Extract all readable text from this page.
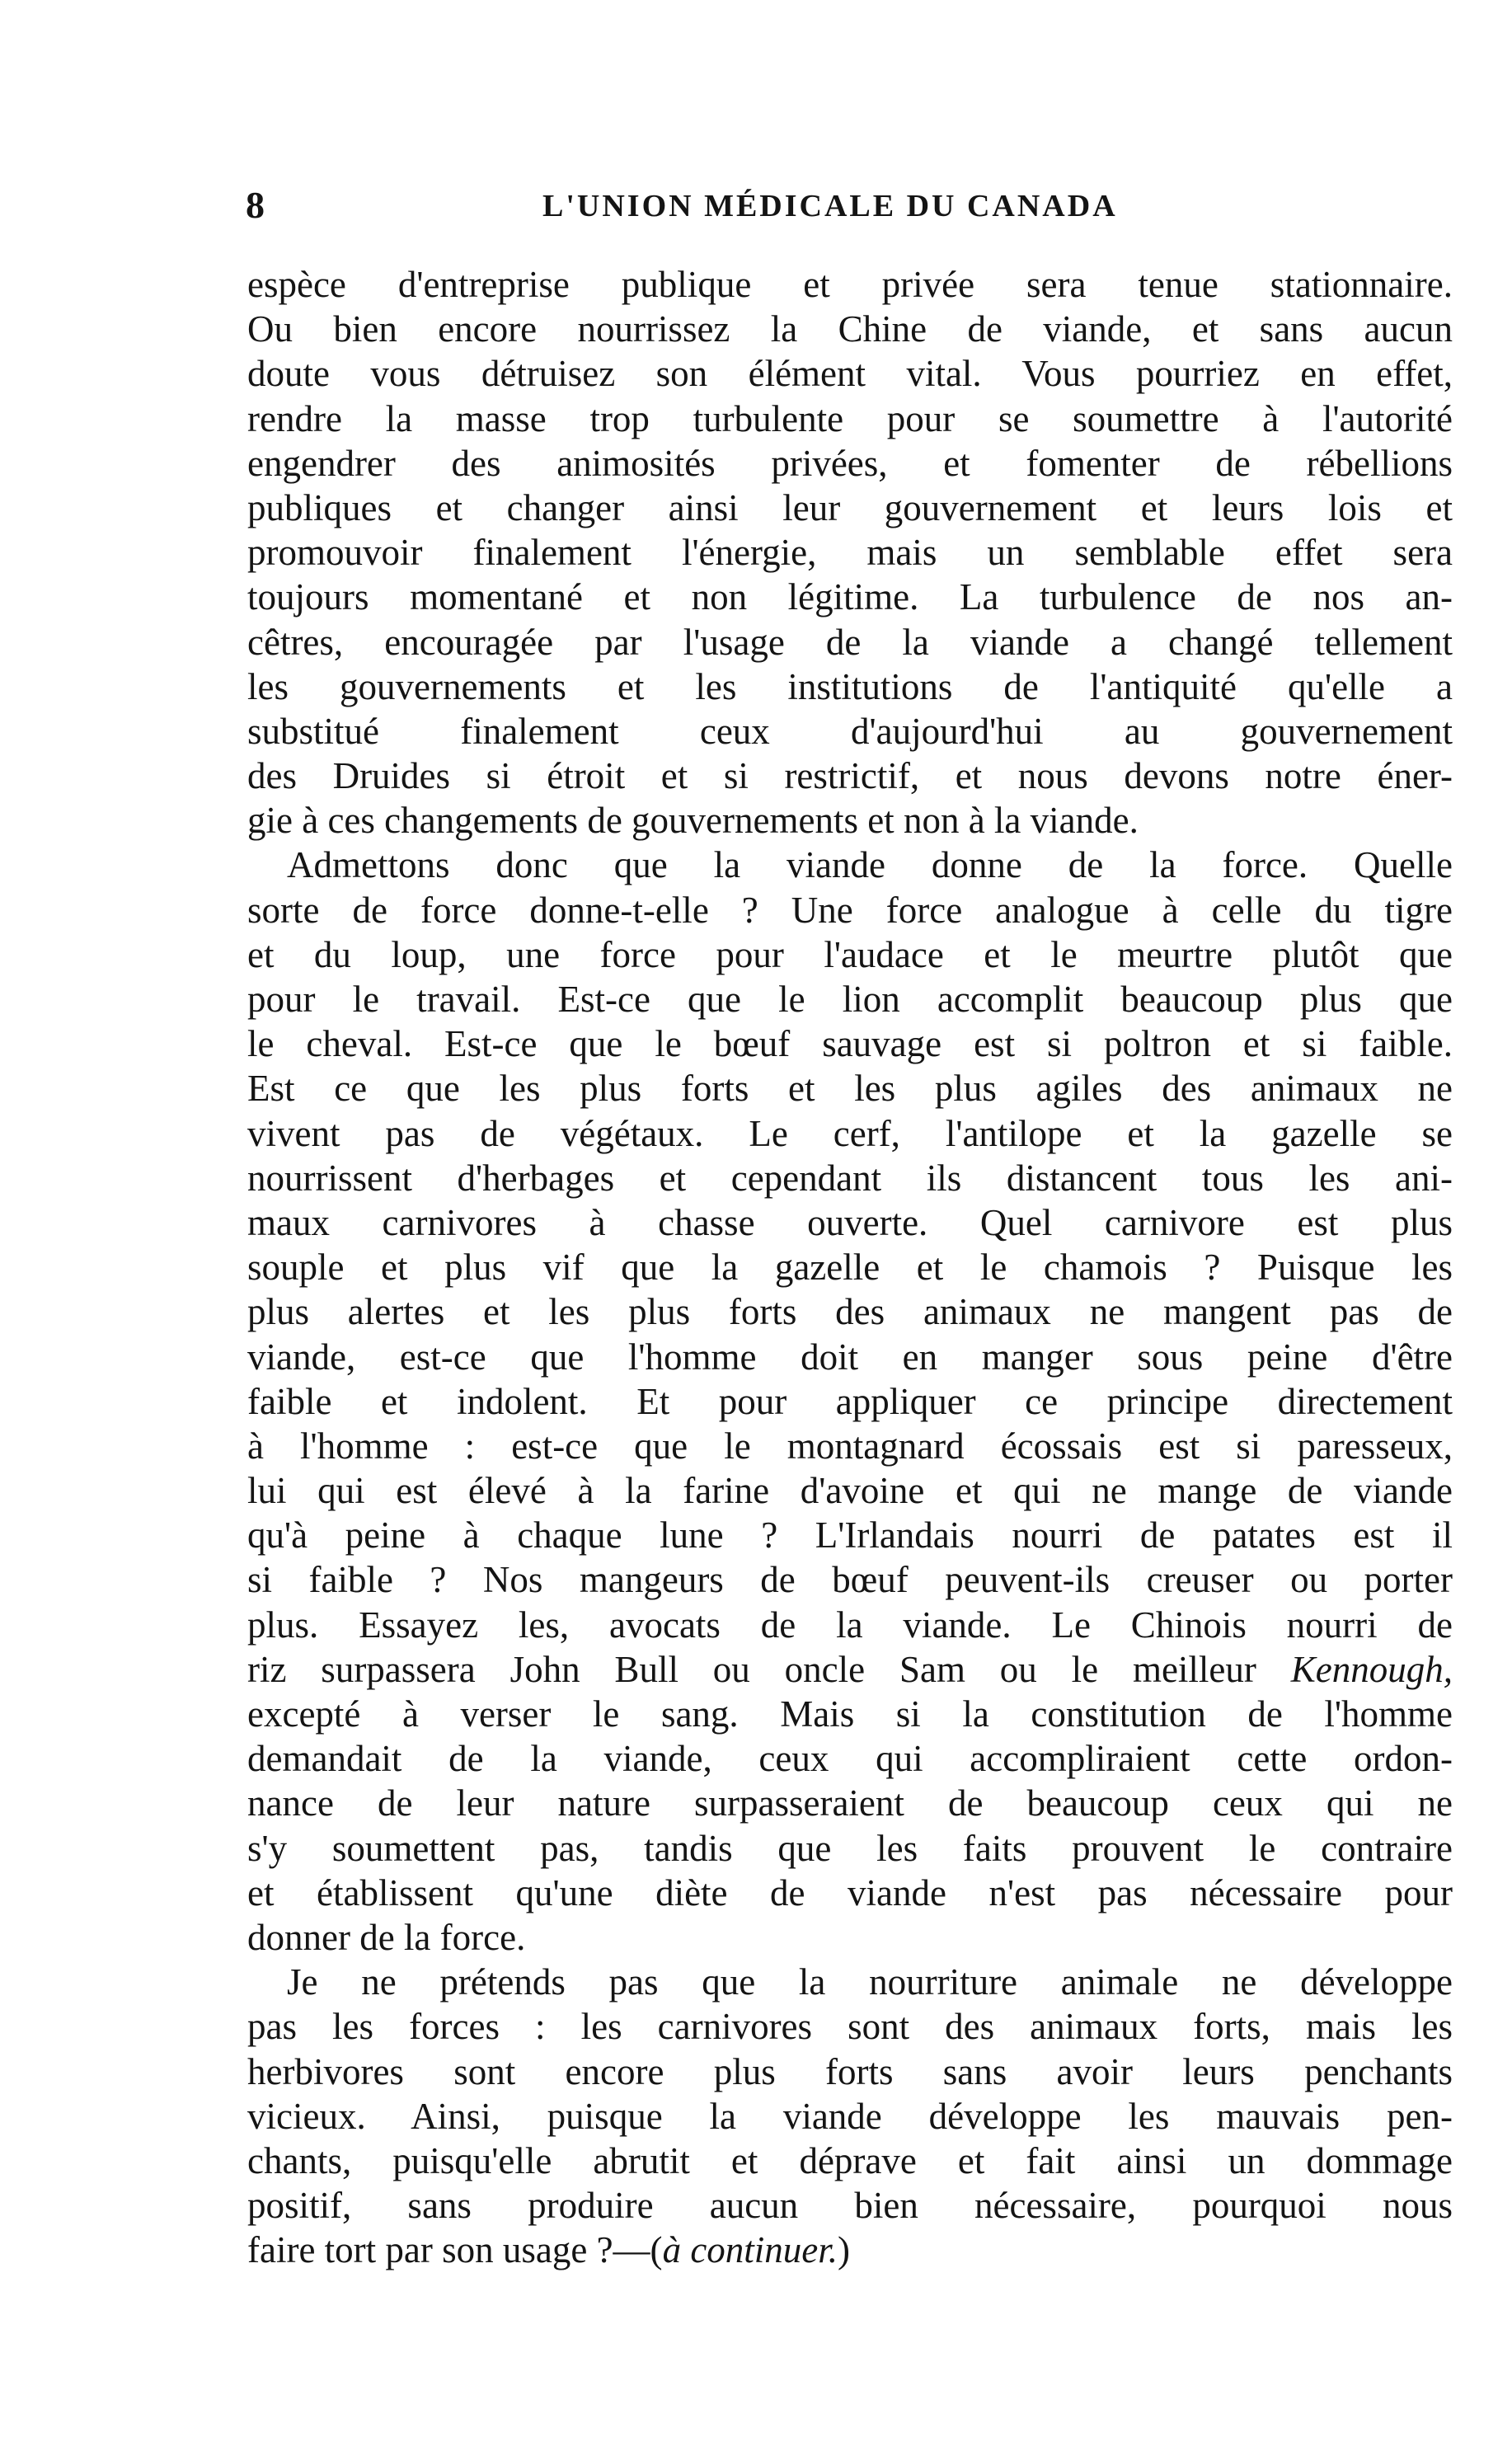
8	L'UNION MÉDICALE DU CANADA
espèce d'entreprise publique et privée sera tenue stationnaire.
Ou bien encore nourrissez la Chine de viande, et sans aucun
doute vous détruisez son élément vital. Vous pourriez en effet,
rendre la masse trop turbulente pour se soumettre à l'autorité
engendrer des animosités privées, et fomenter de rébellions
publiques et changer ainsi leur gouvernement et leurs lois et
promouvoir finalement l'énergie, mais un semblable effet sera
toujours momentané et non légitime. La turbulence de nos an-
cêtres, encouragée par l'usage de la viande a changé tellement
les gouvernements et les institutions de l'antiquité qu'elle a
substitué finalement ceux d'aujourd'hui au gouvernement
des Druides si étroit et si restrictif, et nous devons notre éner-
gie à ces changements de gouvernements et non à la viande.
Admettons donc que la viande donne de la force. Quelle
sorte de force donne-t-elle ? Une force analogue à celle du tigre
et du loup, une force pour l'audace et le meurtre plutôt que
pour le travail. Est-ce que le lion accomplit beaucoup plus que
le cheval. Est-ce que le bœuf sauvage est si poltron et si faible.
Est ce que les plus forts et les plus agiles des animaux ne
vivent pas de végétaux. Le cerf, l'antilope et la gazelle se
nourrissent d'herbages et cependant ils distancent tous les ani-
maux carnivores à chasse ouverte. Quel carnivore est plus
souple et plus vif que la gazelle et le chamois ? Puisque les
plus alertes et les plus forts des animaux ne mangent pas de
viande, est-ce que l'homme doit en manger sous peine d'être
faible et indolent. Et pour appliquer ce principe directement
à l'homme : est-ce que le montagnard écossais est si paresseux,
lui qui est élevé à la farine d'avoine et qui ne mange de viande
qu'à peine à chaque lune ? L'Irlandais nourri de patates est il
si faible ? Nos mangeurs de bœuf peuvent-ils creuser ou porter
plus. Essayez les, avocats de la viande. Le Chinois nourri de
riz surpassera John Bull ou oncle Sam ou le meilleur Kennough,
excepté à verser le sang. Mais si la constitution de l'homme
demandait de la viande, ceux qui accompliraient cette ordon-
nance de leur nature surpasseraient de beaucoup ceux qui ne
s'y soumettent pas, tandis que les faits prouvent le contraire
et établissent qu'une diète de viande n'est pas nécessaire pour
donner de la force.
Je ne prétends pas que la nourriture animale ne développe
pas les forces : les carnivores sont des animaux forts, mais les
herbivores sont encore plus forts sans avoir leurs penchants
vicieux. Ainsi, puisque la viande développe les mauvais pen-
chants, puisqu'elle abrutit et déprave et fait ainsi un dommage
positif, sans produire aucun bien nécessaire, pourquoi nous
faire tort par son usage ?—(à continuer.)
